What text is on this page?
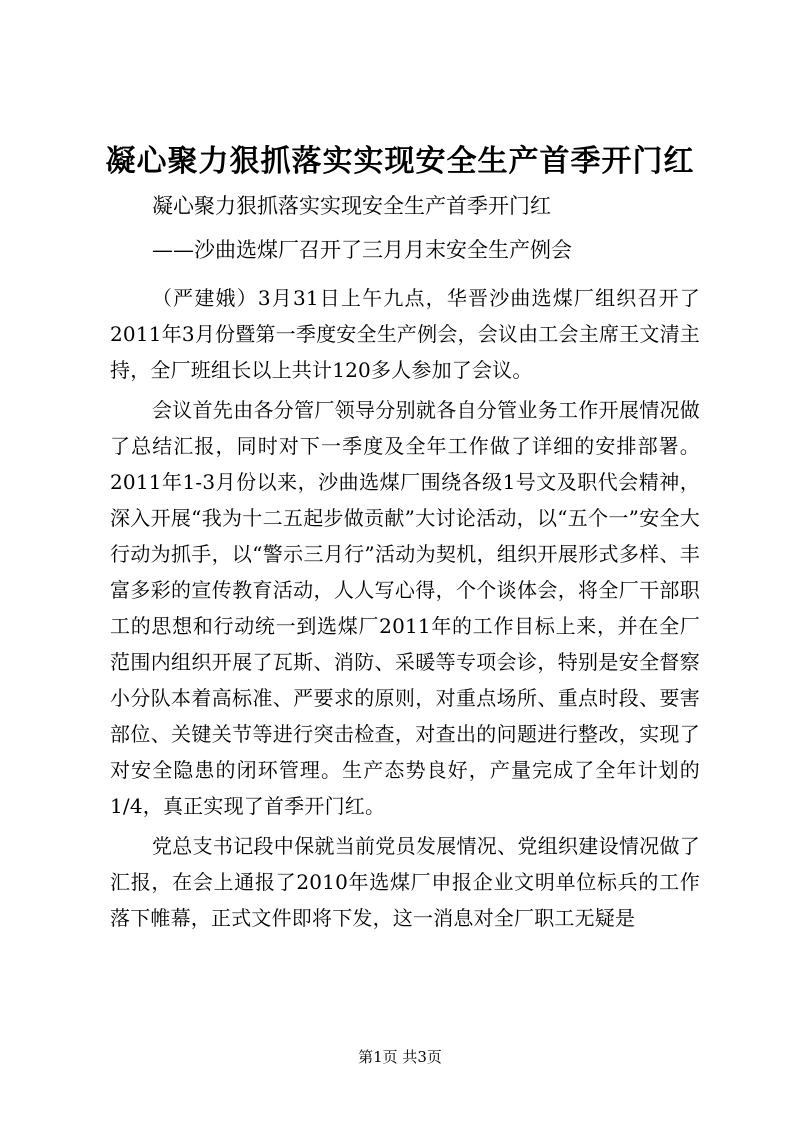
凝心聚力狠抓落实实现安全生产首季开门红

凝心聚力狠抓落实实现安全生产首季开门红

——沙曲选煤厂召开了三月月末安全生产例会

（严建娥）3月31日上午九点，华晋沙曲选煤厂组织召开了2011年3月份暨第一季度安全生产例会，会议由工会主席王文清主持，全厂班组长以上共计120多人参加了会议。

会议首先由各分管厂领导分别就各自分管业务工作开展情况做了总结汇报，同时对下一季度及全年工作做了详细的安排部署。2011年1-3月份以来，沙曲选煤厂围绕各级1号文及职代会精神，深入开展“我为十二五起步做贡献”大讨论活动，以“五个一”安全大行动为抓手，以“警示三月行”活动为契机，组织开展形式多样、丰富多彩的宣传教育活动，人人写心得，个个谈体会，将全厂干部职工的思想和行动统一到选煤厂2011年的工作目标上来，并在全厂范围内组织开展了瓦斯、消防、采暖等专项会诊，特别是安全督察小分队本着高标准、严要求的原则，对重点场所、重点时段、要害部位、关键关节等进行突击检查，对查出的问题进行整改，实现了对安全隐患的闭环管理。生产态势良好，产量完成了全年计划的1/4，真正实现了首季开门红。

党总支书记段中保就当前党员发展情况、党组织建设情况做了汇报，在会上通报了2010年选煤厂申报企业文明单位标兵的工作落下帷幕，正式文件即将下发，这一消息对全厂职工无疑是

第1页 共3页
